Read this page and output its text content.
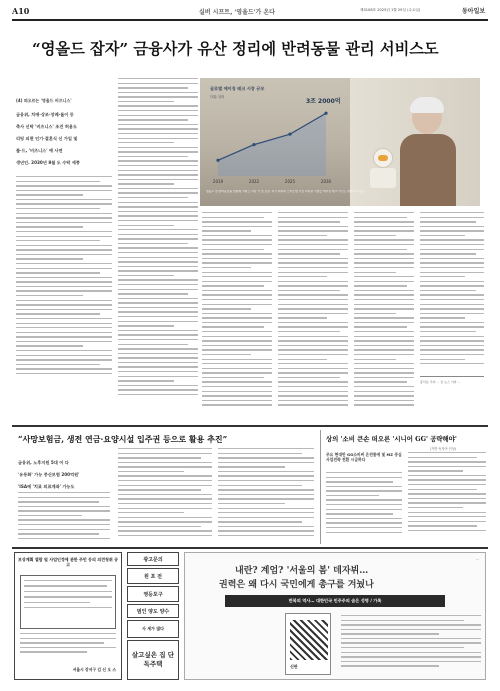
A10	실버 시프트, '영올드'가 온다	제3108호 2025년 1월 29일 (수요일)	동아일보
“영올드 잡자” 금융사가 유산 정리에 반려동물 관리 서비스도
(4) 떠오르는 '영올드 비즈니스'
금융위, 치매·상조·장례·돌이 등
축사 신탁 '비즈니스' 조건 허용도
리팅 피편 인기·결혼식 신 가입 및
플·드, '비즈니스' 예 사연
생년인. 2030년 8월 도 수탁 세종
글로벌 에이징 테크 시장 규모
단위: 달러
2019	2022	2025	2030
3조 2000억
영올드 및 반려동물을 맞춤형 서비스 시장 기 및 보장. 미국 피지와 스타트업 기술 디지털 기업들 에이징 테크 기기도 개발하고 있다.
홍석호 기자 ... 김 뉴스 기자 ...
“사망보험금, 생전 연금·요양시설 입주권 등으로 활용 추진”
금융위, 노후지원 5대 어 다
'유동화' 가능 중신보험 200억원'
'ISA에 '치료 의료계좌' 가능도
상의 '소비 큰손 떠오른 '시니어 GG' 공략해야'
(기반 독자아 인상)
주요 현대만 GG소비써 온전통에 및 MZ 중심 사업전략 전환 시급하다
보상계획 열람 및 사업인정에 관한 주민 등의 의견청취 공고
서울시 강서구 김 신 오 스
광고문의
원 포 전
영등포구
범인 양도 양수
사 세가 많다
살고싶은 집 단독주택
내란? 계엄? '서울의 봄' 데자뷔…
권력은 왜 다시 국민에게 총구를 겨눴나
반복의 역사… 대한민국 민주주의 숨은 성명 / 가록
신판
...
